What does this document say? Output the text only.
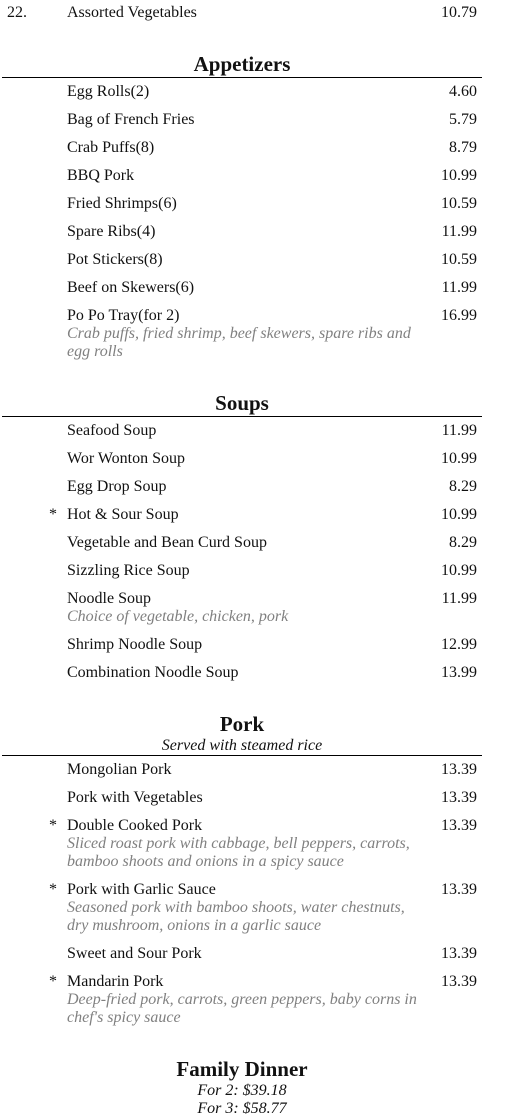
22.	Assorted Vegetables	10.79
Appetizers
Egg Rolls(2)	4.60
Bag of French Fries	5.79
Crab Puffs(8)	8.79
BBQ Pork	10.99
Fried Shrimps(6)	10.59
Spare Ribs(4)	11.99
Pot Stickers(8)	10.59
Beef on Skewers(6)	11.99
Po Po Tray(for 2)	16.99
Crab puffs, fried shrimp, beef skewers, spare ribs and egg rolls
Soups
Seafood Soup	11.99
Wor Wonton Soup	10.99
Egg Drop Soup	8.29
* Hot & Sour Soup	10.99
Vegetable and Bean Curd Soup	8.29
Sizzling Rice Soup	10.99
Noodle Soup	11.99
Choice of vegetable, chicken, pork
Shrimp Noodle Soup	12.99
Combination Noodle Soup	13.99
Pork
Served with steamed rice
Mongolian Pork	13.39
Pork with Vegetables	13.39
* Double Cooked Pork	13.39
Sliced roast pork with cabbage, bell peppers, carrots, bamboo shoots and onions in a spicy sauce
* Pork with Garlic Sauce	13.39
Seasoned pork with bamboo shoots, water chestnuts, dry mushroom, onions in a garlic sauce
Sweet and Sour Pork	13.39
* Mandarin Pork	13.39
Deep-fried pork, carrots, green peppers, baby corns in chef's spicy sauce
Family Dinner
For 2: $39.18
For 3: $58.77
